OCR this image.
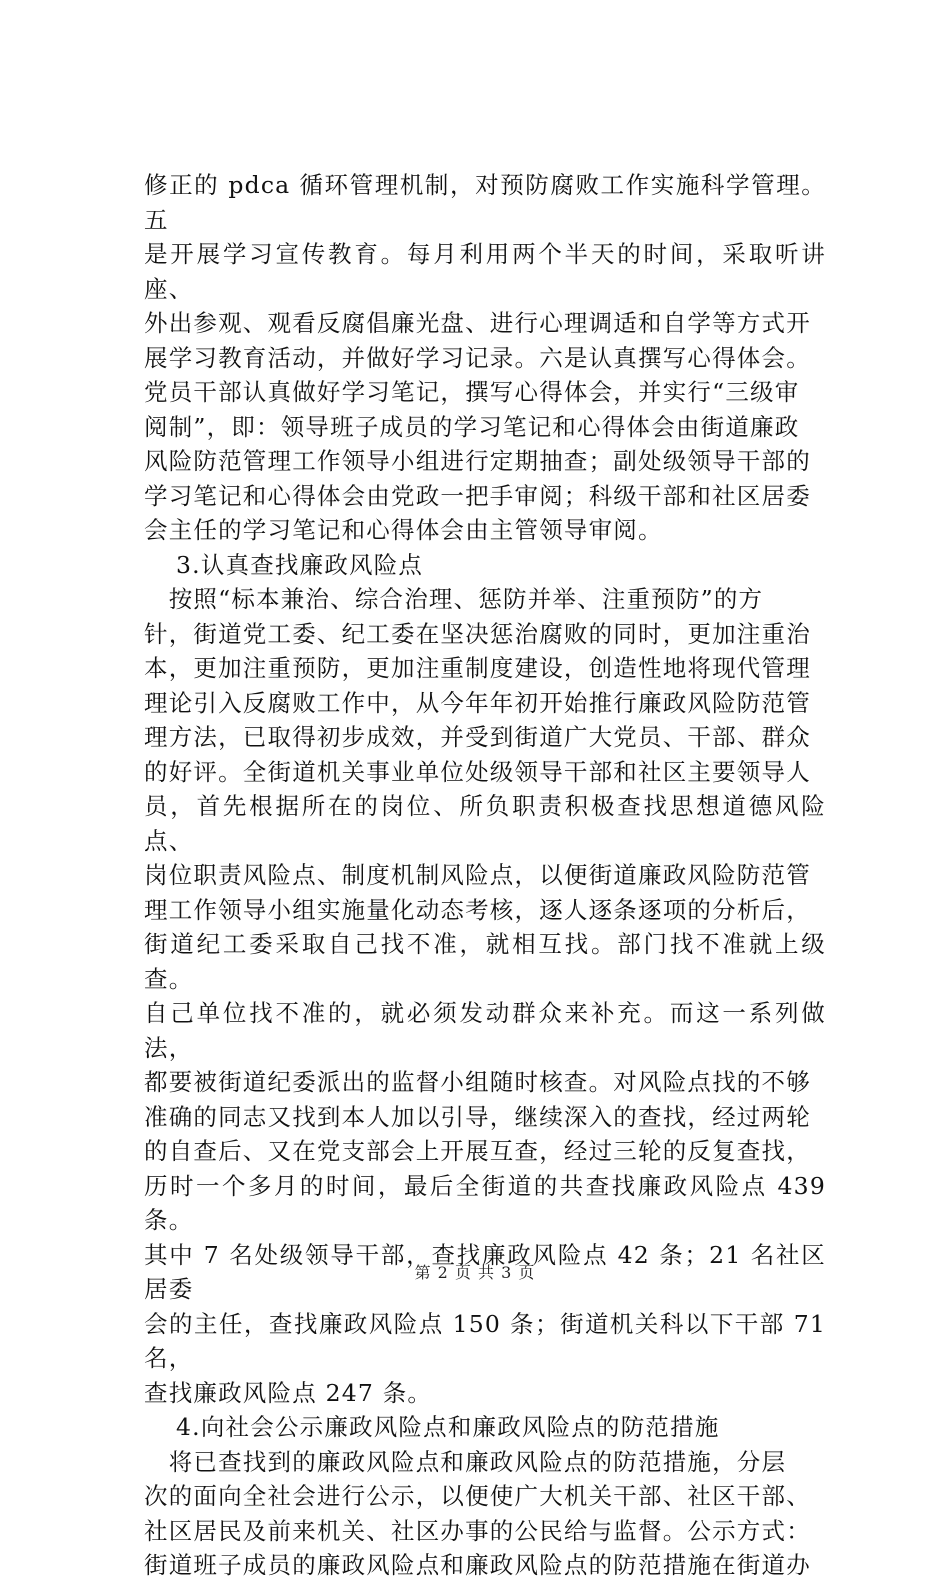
修正的 pdca 循环管理机制，对预防腐败工作实施科学管理。五
是开展学习宣传教育。每月利用两个半天的时间，采取听讲座、
外出参观、观看反腐倡廉光盘、进行心理调适和自学等方式开
展学习教育活动，并做好学习记录。六是认真撰写心得体会。
党员干部认真做好学习笔记，撰写心得体会，并实行“三级审
阅制”，即：领导班子成员的学习笔记和心得体会由街道廉政
风险防范管理工作领导小组进行定期抽查；副处级领导干部的
学习笔记和心得体会由党政一把手审阅；科级干部和社区居委
会主任的学习笔记和心得体会由主管领导审阅。
3.认真查找廉政风险点
　按照“标本兼治、综合治理、惩防并举、注重预防”的方
针，街道党工委、纪工委在坚决惩治腐败的同时，更加注重治
本，更加注重预防，更加注重制度建设，创造性地将现代管理
理论引入反腐败工作中，从今年年初开始推行廉政风险防范管
理方法，已取得初步成效，并受到街道广大党员、干部、群众
的好评。全街道机关事业单位处级领导干部和社区主要领导人
员，首先根据所在的岗位、所负职责积极查找思想道德风险点、
岗位职责风险点、制度机制风险点，以便街道廉政风险防范管
理工作领导小组实施量化动态考核，逐人逐条逐项的分析后，
街道纪工委采取自己找不准，就相互找。部门找不准就上级查。
自己单位找不准的，就必须发动群众来补充。而这一系列做法，
都要被街道纪委派出的监督小组随时核查。对风险点找的不够
准确的同志又找到本人加以引导，继续深入的查找，经过两轮
的自查后、又在党支部会上开展互查，经过三轮的反复查找，
历时一个多月的时间，最后全街道的共查找廉政风险点 439 条。
其中 7 名处级领导干部，查找廉政风险点 42 条；21 名社区居委
会的主任，查找廉政风险点 150 条；街道机关科以下干部 71 名，
查找廉政风险点 247 条。
4.向社会公示廉政风险点和廉政风险点的防范措施
　将已查找到的廉政风险点和廉政风险点的防范措施，分层
次的面向全社会进行公示，以便使广大机关干部、社区干部、
社区居民及前来机关、社区办事的公民给与监督。公示方式：
街道班子成员的廉政风险点和廉政风险点的防范措施在街道办
第 2 页 共 3 页
